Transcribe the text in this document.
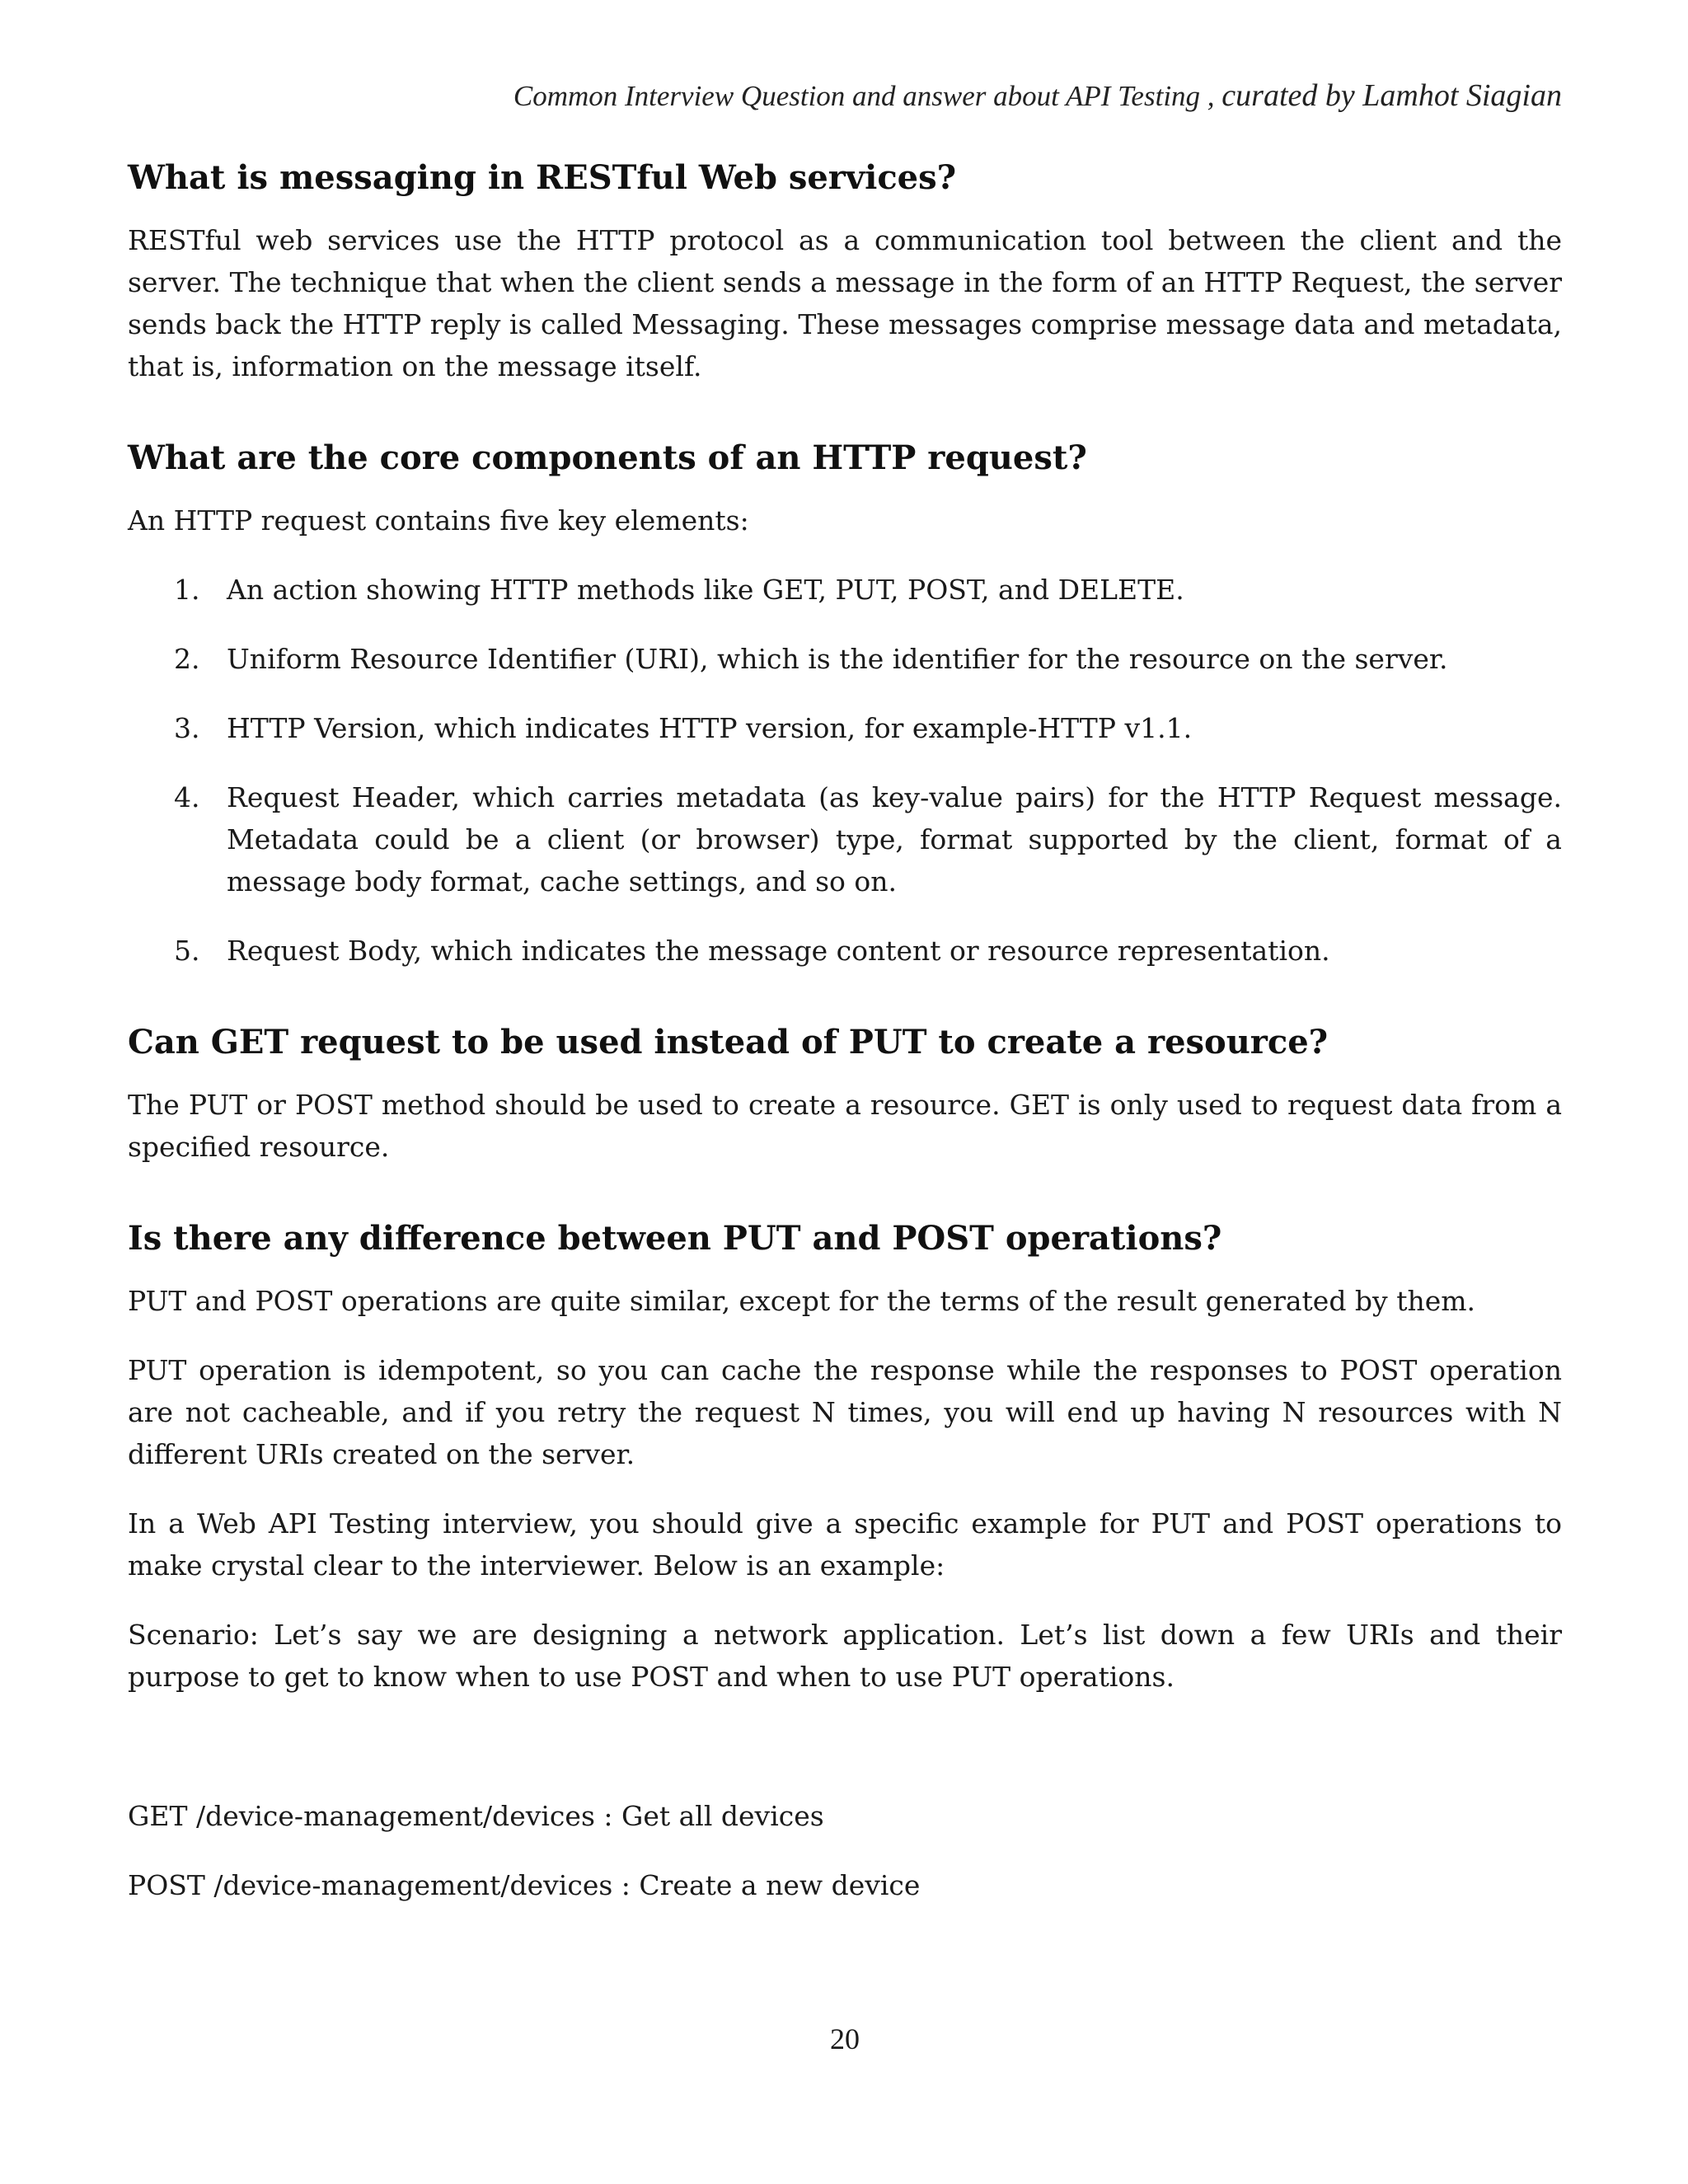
Common Interview Question and answer about API Testing , curated by Lamhot Siagian
What is messaging in RESTful Web services?

RESTful web services use the HTTP protocol as a communication tool between the client and the server. The technique that when the client sends a message in the form of an HTTP Request, the server sends back the HTTP reply is called Messaging. These messages comprise message data and metadata, that is, information on the message itself.

What are the core components of an HTTP request?

An HTTP request contains five key elements:

1. An action showing HTTP methods like GET, PUT, POST, and DELETE.
2. Uniform Resource Identifier (URI), which is the identifier for the resource on the server.
3. HTTP Version, which indicates HTTP version, for example-HTTP v1.1.
4. Request Header, which carries metadata (as key-value pairs) for the HTTP Request message. Metadata could be a client (or browser) type, format supported by the client, format of a message body format, cache settings, and so on.
5. Request Body, which indicates the message content or resource representation.
Can GET request to be used instead of PUT to create a resource?

The PUT or POST method should be used to create a resource. GET is only used to request data from a specified resource.

Is there any difference between PUT and POST operations?

PUT and POST operations are quite similar, except for the terms of the result generated by them.

PUT operation is idempotent, so you can cache the response while the responses to POST operation are not cacheable, and if you retry the request N times, you will end up having N resources with N different URIs created on the server.

In a Web API Testing interview, you should give a specific example for PUT and POST operations to make crystal clear to the interviewer. Below is an example:

Scenario: Let’s say we are designing a network application. Let’s list down a few URIs and their purpose to get to know when to use POST and when to use PUT operations.

GET /device-management/devices : Get all devices

POST /device-management/devices : Create a new device

20
